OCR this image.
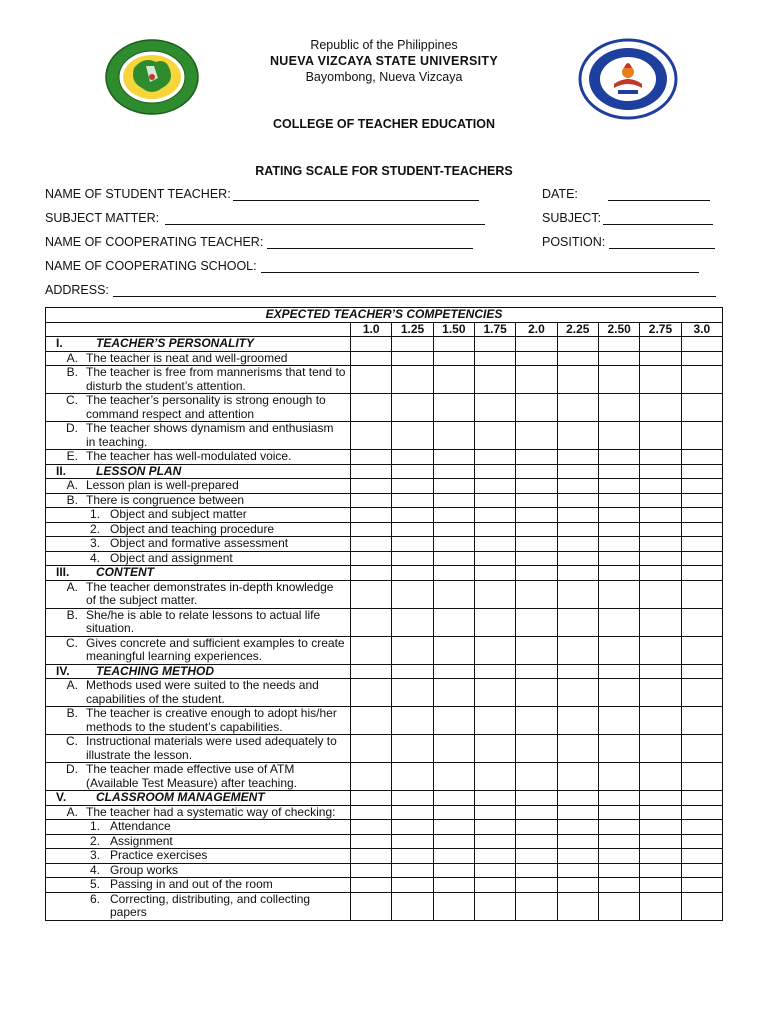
Republic of the Philippines
NUEVA VIZCAYA STATE UNIVERSITY
Bayombong, Nueva Vizcaya
COLLEGE OF TEACHER EDUCATION
RATING SCALE FOR STUDENT-TEACHERS
NAME OF STUDENT TEACHER:	DATE:
SUBJECT MATTER:	SUBJECT:
NAME OF COOPERATING TEACHER:	POSITION:
NAME OF COOPERATING SCHOOL:
ADDRESS:
EXPECTED TEACHER’S COMPETENCIES									
	1.0	1.25	1.50	1.75	2.0	2.25	2.50	2.75	3.0
I. TEACHER’S PERSONALITY									

A. The teacher is neat and well-groomed									

B. The teacher is free from mannerisms that tend to disturb the student’s attention.									

C. The teacher’s personality is strong enough to command respect and attention									

D. The teacher shows dynamism and enthusiasm in teaching.									

E. The teacher has well-modulated voice.									

II. LESSON PLAN									

A. Lesson plan is well-prepared									

B. There is congruence between									

1. Object and subject matter									

2. Object and teaching procedure									

3. Object and formative assessment									

4. Object and assignment									

III. CONTENT									

A. The teacher demonstrates in-depth knowledge of the subject matter.									

B. She/he is able to relate lessons to actual life situation.									

C. Gives concrete and sufficient examples to create meaningful learning experiences.									

IV. TEACHING METHOD									

A. Methods used were suited to the needs and capabilities of the student.									

B. The teacher is creative enough to adopt his/her methods to the student’s capabilities.									

C. Instructional materials were used adequately to illustrate the lesson.									

D. The teacher made effective use of ATM (Available Test Measure) after teaching.									

V. CLASSROOM MANAGEMENT									

A. The teacher had a systematic way of checking:									

1. Attendance									

2. Assignment									

3. Practice exercises									

4. Group works									

5. Passing in and out of the room									

6. Correcting, distributing, and collecting papers									
